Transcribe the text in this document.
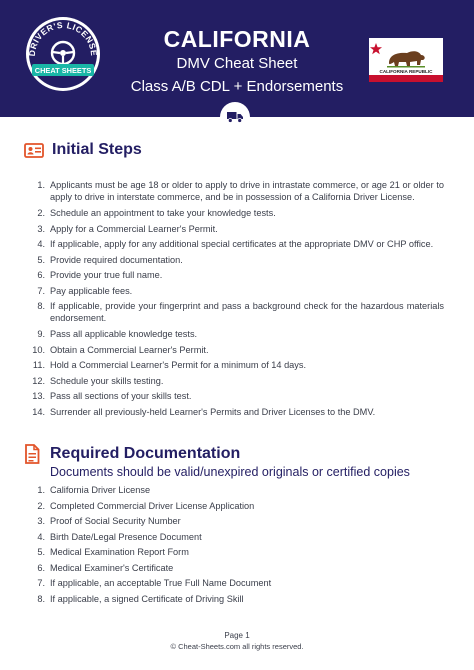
DRIVER'S LICENSE
CHEAT SHEETS
CALIFORNIA
DMV Cheat Sheet
Class A/B CDL + Endorsements
CALIFORNIA REPUBLIC
Initial Steps
1. Applicants must be age 18 or older to apply to drive in intrastate commerce, or age 21 or older to apply to drive in interstate commerce, and be in possession of a California Driver License.
2. Schedule an appointment to take your knowledge tests.
3. Apply for a Commercial Learner's Permit.
4. If applicable, apply for any additional special certificates at the appropriate DMV or CHP office.
5. Provide required documentation.
6. Provide your true full name.
7. Pay applicable fees.
8. If applicable, provide your fingerprint and pass a background check for the hazardous materials endorsement.
9. Pass all applicable knowledge tests.
10. Obtain a Commercial Learner's Permit.
11. Hold a Commercial Learner's Permit for a minimum of 14 days.
12. Schedule your skills testing.
13. Pass all sections of your skills test.
14. Surrender all previously-held Learner's Permits and Driver Licenses to the DMV.
Required Documentation
Documents should be valid/unexpired originals or certified copies
1. California Driver License
2. Completed Commercial Driver License Application
3. Proof of Social Security Number
4. Birth Date/Legal Presence Document
5. Medical Examination Report Form
6. Medical Examiner's Certificate
7. If applicable, an acceptable True Full Name Document
8. If applicable, a signed Certificate of Driving Skill
Page 1
© Cheat-Sheets.com all rights reserved.
